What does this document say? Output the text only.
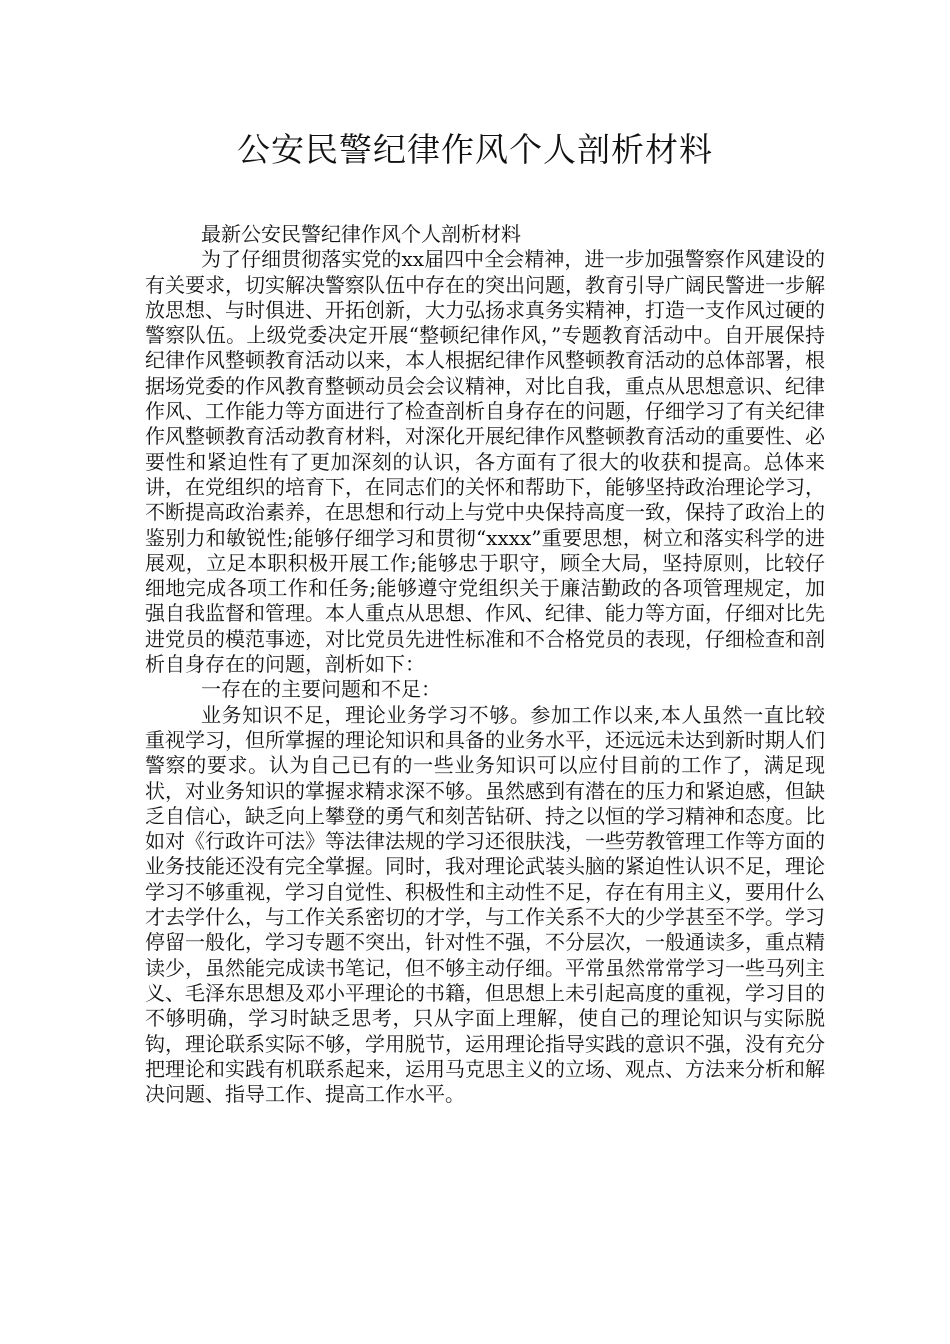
公安民警纪律作风个人剖析材料

最新公安民警纪律作风个人剖析材料

为了仔细贯彻落实党的xx届四中全会精神，进一步加强警察作风建设的有关要求，切实解决警察队伍中存在的突出问题，教育引导广阔民警进一步解放思想、与时俱进、开拓创新，大力弘扬求真务实精神，打造一支作风过硬的警察队伍。上级党委决定开展“整顿纪律作风，”专题教育活动中。自开展保持纪律作风整顿教育活动以来，本人根据纪律作风整顿教育活动的总体部署，根据场党委的作风教育整顿动员会会议精神，对比自我，重点从思想意识、纪律作风、工作能力等方面进行了检查剖析自身存在的问题，仔细学习了有关纪律作风整顿教育活动教育材料，对深化开展纪律作风整顿教育活动的重要性、必要性和紧迫性有了更加深刻的认识，各方面有了很大的收获和提高。总体来讲，在党组织的培育下，在同志们的关怀和帮助下，能够坚持政治理论学习，不断提高政治素养，在思想和行动上与党中央保持高度一致，保持了政治上的鉴别力和敏锐性;能够仔细学习和贯彻“xxxx”重要思想，树立和落实科学的进展观，立足本职积极开展工作;能够忠于职守，顾全大局，坚持原则，比较仔细地完成各项工作和任务;能够遵守党组织关于廉洁勤政的各项管理规定，加强自我监督和管理。本人重点从思想、作风、纪律、能力等方面，仔细对比先进党员的模范事迹，对比党员先进性标准和不合格党员的表现，仔细检查和剖析自身存在的问题，剖析如下：

一存在的主要问题和不足：

业务知识不足，理论业务学习不够。参加工作以来,本人虽然一直比较重视学习，但所掌握的理论知识和具备的业务水平，还远远未达到新时期人们警察的要求。认为自己已有的一些业务知识可以应付目前的工作了，满足现状，对业务知识的掌握求精求深不够。虽然感到有潜在的压力和紧迫感，但缺乏自信心，缺乏向上攀登的勇气和刻苦钻研、持之以恒的学习精神和态度。比如对《行政许可法》等法律法规的学习还很肤浅，一些劳教管理工作等方面的业务技能还没有完全掌握。同时，我对理论武装头脑的紧迫性认识不足，理论学习不够重视，学习自觉性、积极性和主动性不足，存在有用主义，要用什么才去学什么，与工作关系密切的才学，与工作关系不大的少学甚至不学。学习停留一般化，学习专题不突出，针对性不强，不分层次，一般通读多，重点精读少，虽然能完成读书笔记，但不够主动仔细。平常虽然常常学习一些马列主义、毛泽东思想及邓小平理论的书籍，但思想上未引起高度的重视，学习目的不够明确，学习时缺乏思考，只从字面上理解，使自己的理论知识与实际脱钩，理论联系实际不够，学用脱节，运用理论指导实践的意识不强，没有充分把理论和实践有机联系起来，运用马克思主义的立场、观点、方法来分析和解决问题、指导工作、提高工作水平。
